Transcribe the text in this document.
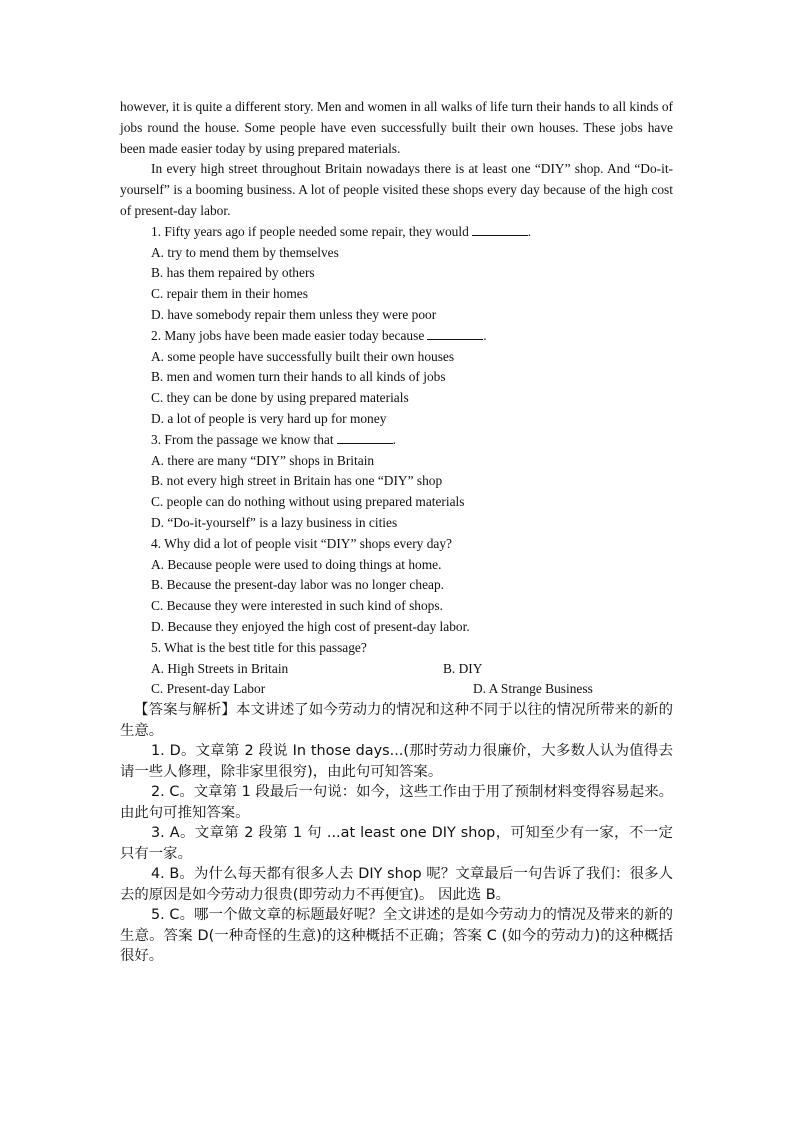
however, it is quite a different story. Men and women in all walks of life turn their hands to all kinds of jobs round the house. Some people have even successfully built their own houses. These jobs have been made easier today by using prepared materials.

In every high street throughout Britain nowadays there is at least one “DIY” shop. And “Do-it-yourself” is a booming business. A lot of people visited these shops every day because of the high cost of present-day labor.

1. Fifty years ago if people needed some repair, they would	.

A. try to mend them by themselves

B. has them repaired by others

C. repair them in their homes

D. have somebody repair them unless they were poor

2. Many jobs have been made easier today because	.

A. some people have successfully built their own houses

B. men and women turn their hands to all kinds of jobs

C. they can be done by using prepared materials

D. a lot of people is very hard up for money

3. From the passage we know that	.

A. there are many “DIY” shops in Britain

B. not every high street in Britain has one “DIY” shop

C. people can do nothing without using prepared materials

D. “Do-it-yourself” is a lazy business in cities

4. Why did a lot of people visit “DIY” shops every day?

A. Because people were used to doing things at home.

B. Because the present-day labor was no longer cheap.

C. Because they were interested in such kind of shops.

D. Because they enjoyed the high cost of present-day labor.

5. What is the best title for this passage?

A. High Streets in Britain	B. DIY
C. Present-day Labor	D. A Strange Business

【答案与解析】本文讲述了如今劳动力的情况和这种不同于以往的情况所带来的新的生意。

1. D。文章第 2 段说 In those days...(那时劳动力很廉价，大多数人认为值得去请一些人修理，除非家里很穷)，由此句可知答案。

2. C。文章第 1 段最后一句说：如今，这些工作由于用了预制材料变得容易起来。由此句可推知答案。

3. A。文章第 2 段第 1 句 ...at least one DIY shop，可知至少有一家，不一定只有一家。

4. B。为什么每天都有很多人去 DIY shop 呢？文章最后一句告诉了我们：很多人去的原因是如今劳动力很贵(即劳动力不再便宜)。 因此选 B。

5. C。哪一个做文章的标题最好呢？全文讲述的是如今劳动力的情况及带来的新的生意。答案 D(一种奇怪的生意)的这种概括不正确；答案 C (如今的劳动力)的这种概括很好。
